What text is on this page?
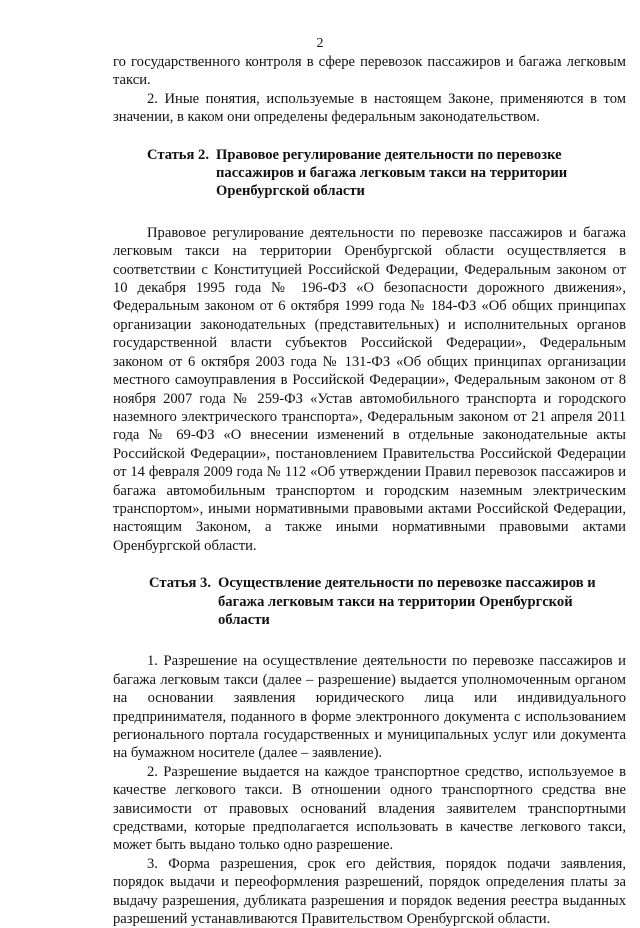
2

го государственного контроля в сфере перевозок пассажиров и багажа легковым такси.

2. Иные понятия, используемые в настоящем Законе, применяются в том значении, в каком они определены федеральным законодательством.

Статья 2. Правовое регулирование деятельности по перевозке пассажиров и багажа легковым такси на территории Оренбургской области

Правовое регулирование деятельности по перевозке пассажиров и багажа легковым такси на территории Оренбургской области осуществляется в соответствии с Конституцией Российской Федерации, Федеральным законом от 10 декабря 1995 года № 196-ФЗ «О безопасности дорожного движения», Федеральным законом от 6 октября 1999 года № 184-ФЗ «Об общих принципах организации законодательных (представительных) и исполнительных органов государственной власти субъектов Российской Федерации», Федеральным законом от 6 октября 2003 года № 131-ФЗ «Об общих принципах организации местного самоуправления в Российской Федерации», Федеральным законом от 8 ноября 2007 года № 259-ФЗ «Устав автомобильного транспорта и городского наземного электрического транспорта», Федеральным законом от 21 апреля 2011 года № 69-ФЗ «О внесении изменений в отдельные законодательные акты Российской Федерации», постановлением Правительства Российской Федерации от 14 февраля 2009 года № 112 «Об утверждении Правил перевозок пассажиров и багажа автомобильным транспортом и городским наземным электрическим транспортом», иными нормативными правовыми актами Российской Федерации, настоящим Законом, а также иными нормативными правовыми актами Оренбургской области.

Статья 3. Осуществление деятельности по перевозке пассажиров и багажа легковым такси на территории Оренбургской области

1. Разрешение на осуществление деятельности по перевозке пассажиров и багажа легковым такси (далее – разрешение) выдается уполномоченным органом на основании заявления юридического лица или индивидуального предпринимателя, поданного в форме электронного документа с использованием регионального портала государственных и муниципальных услуг или документа на бумажном носителе (далее – заявление).

2. Разрешение выдается на каждое транспортное средство, используемое в качестве легкового такси. В отношении одного транспортного средства вне зависимости от правовых оснований владения заявителем транспортными средствами, которые предполагается использовать в качестве легкового такси, может быть выдано только одно разрешение.

3. Форма разрешения, срок его действия, порядок подачи заявления, порядок выдачи и переоформления разрешений, порядок определения платы за выдачу разрешения, дубликата разрешения и порядок ведения реестра выданных разрешений устанавливаются Правительством Оренбургской области.
